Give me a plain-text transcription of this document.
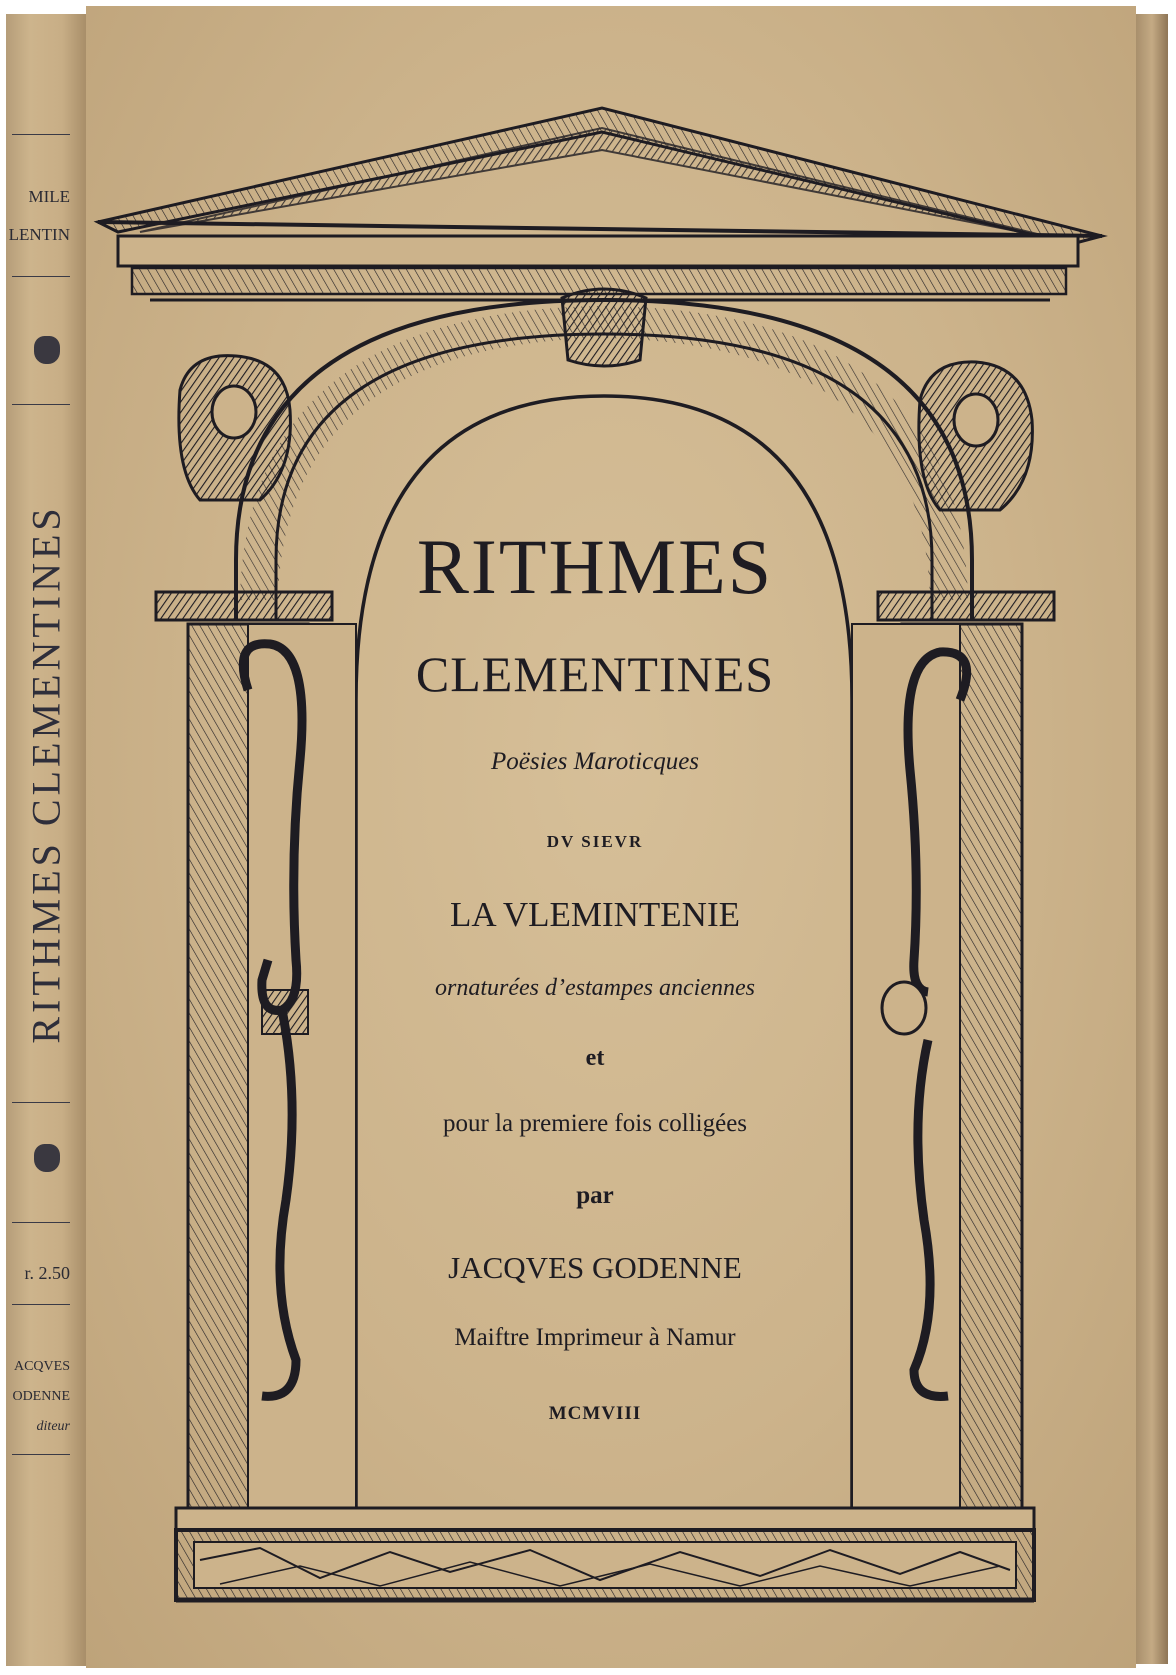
MILE
LENTIN
RITHMES CLEMENTINES
r. 2.50
ACQVES
ODENNE
diteur
RITHMES
CLEMENTINES
Poësies Maroticques
DV SIEVR
LA VLEMINTENIE
ornaturées d’estampes anciennes
et
pour la premiere fois colligées
par
JACQVES GODENNE
Maiftre Imprimeur à Namur
MCMVIII
